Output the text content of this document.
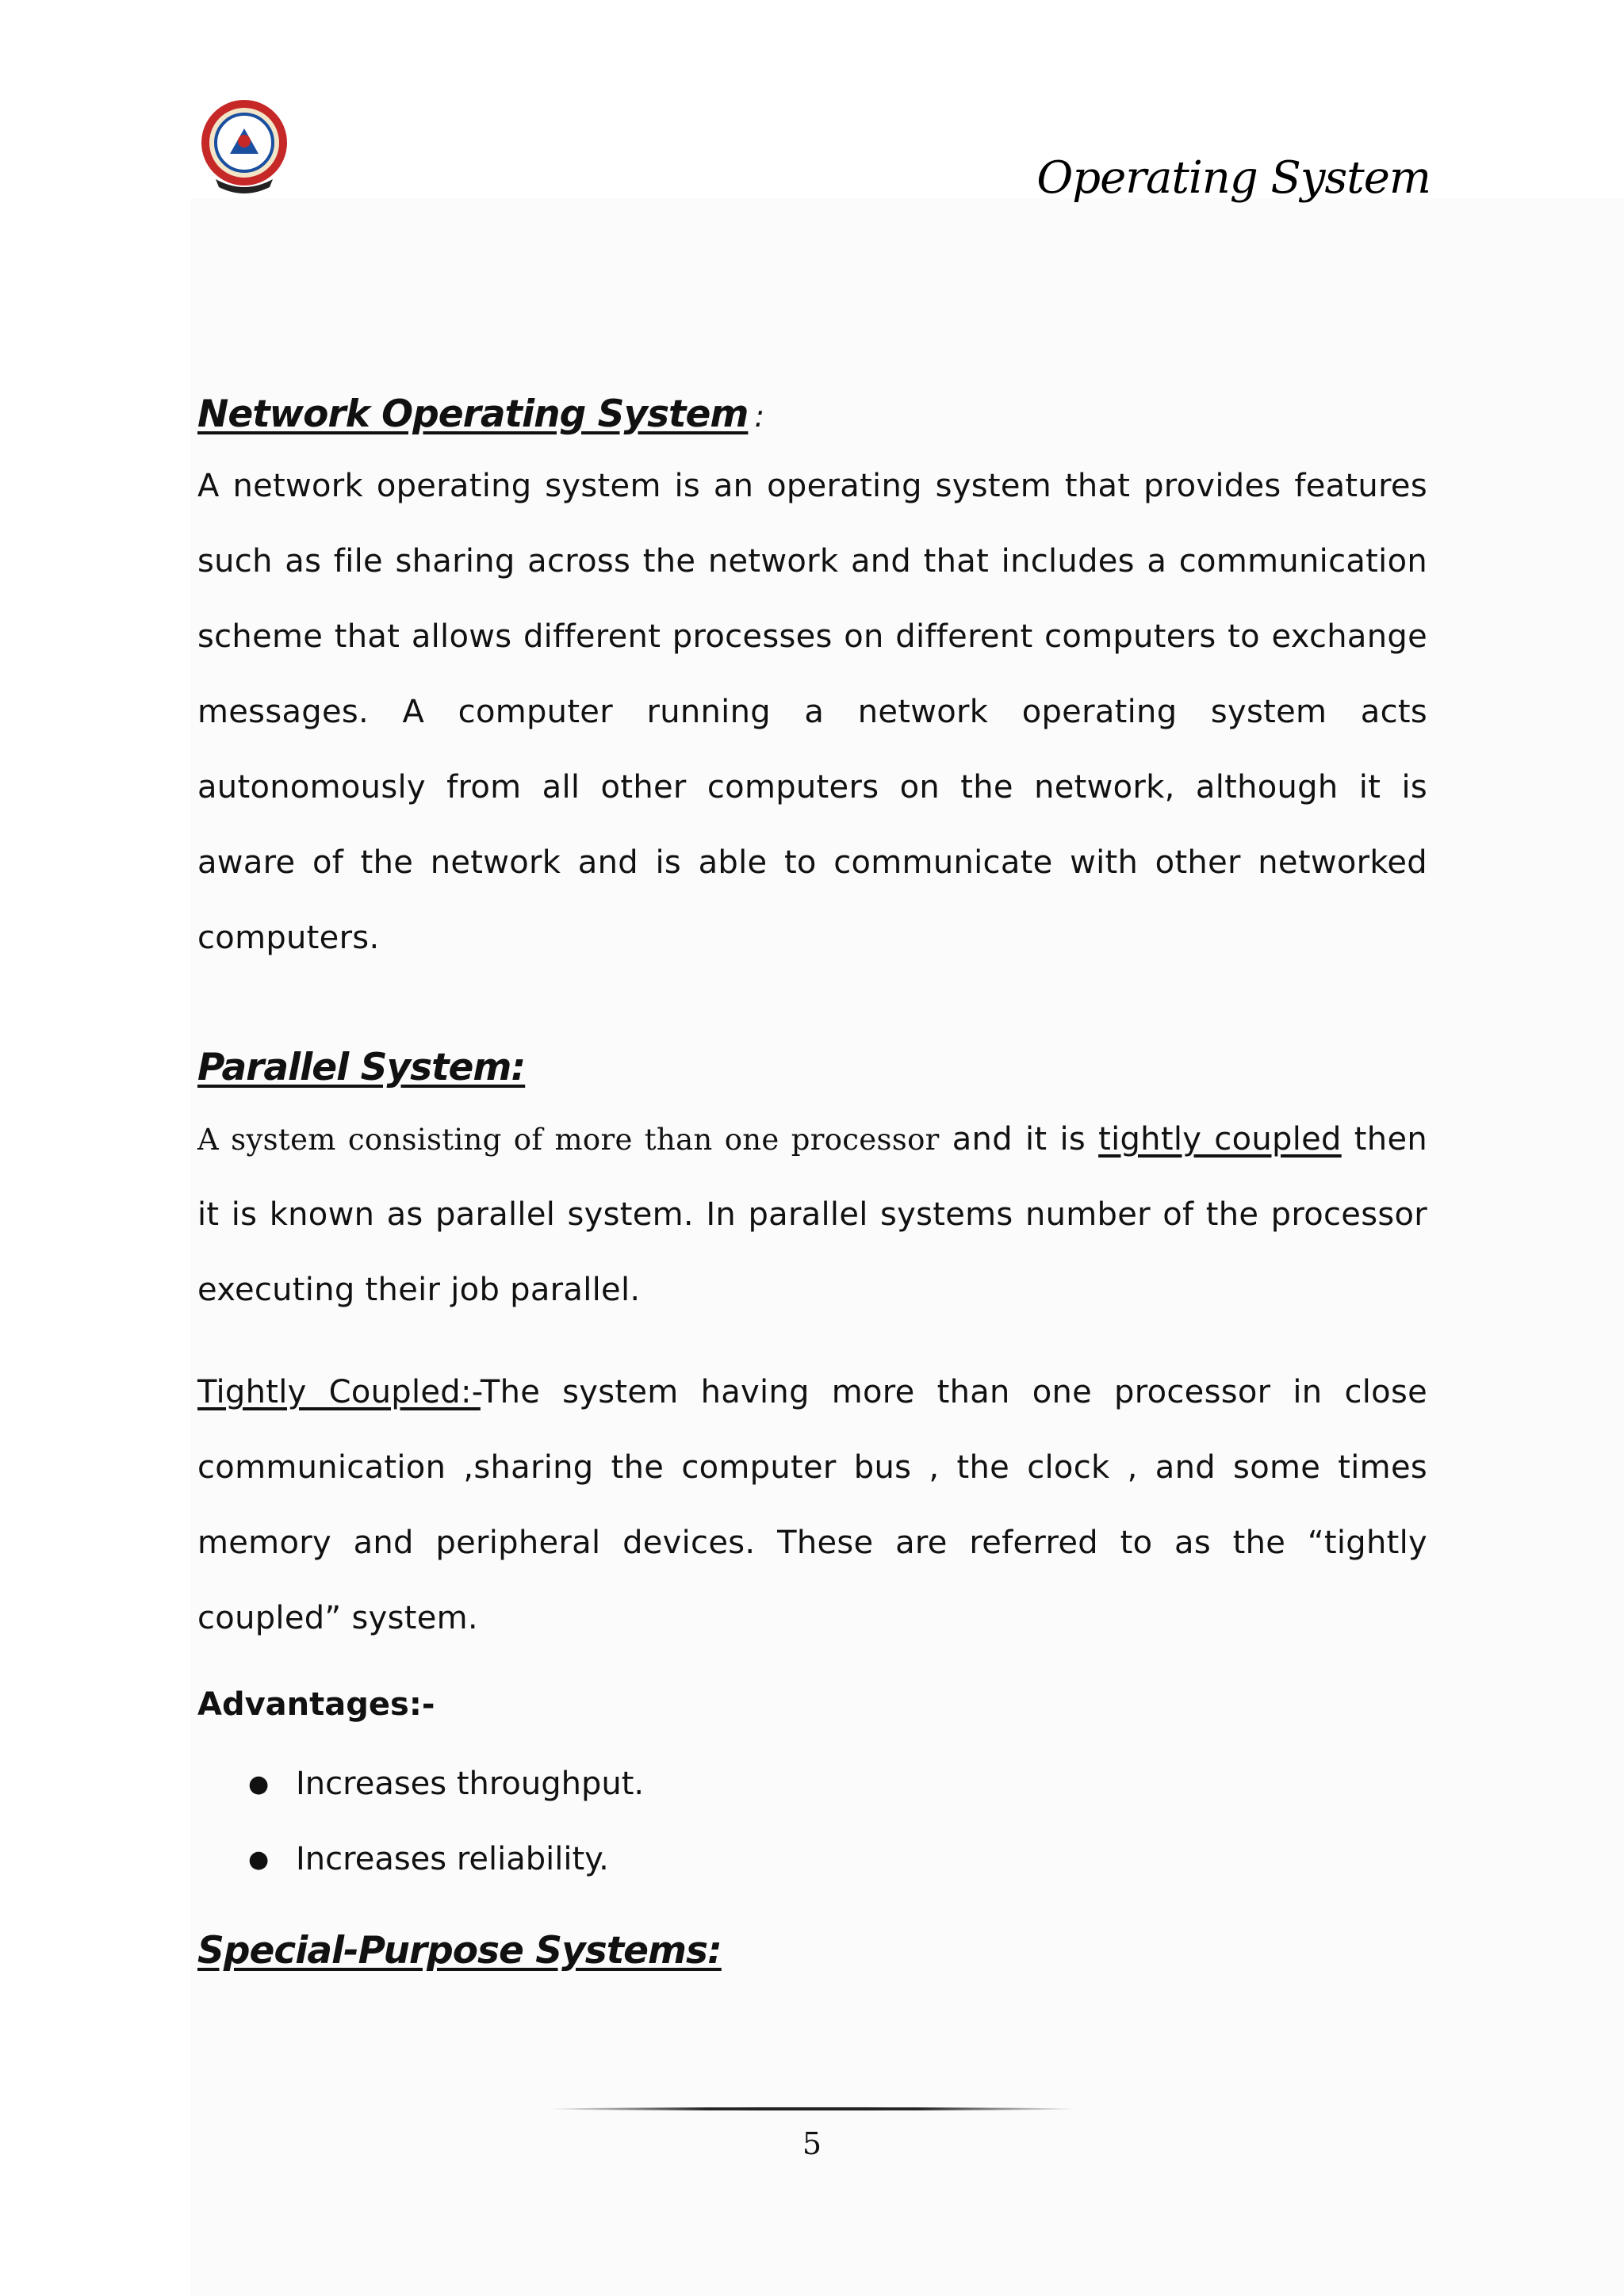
Operating System
Network Operating System :

A network operating system is an operating system that provides features such as file sharing across the network and that includes a communication scheme that allows different processes on different computers to exchange messages. A computer running a network operating system acts autonomously from all other computers on the network, although it is aware of the network and is able to communicate with other networked computers.

Parallel System:

A system consisting of more than one processor and it is tightly coupled then it is known as parallel system. In parallel systems number of the processor executing their job parallel.

Tightly Coupled:-The system having more than one processor in close communication ,sharing the computer bus , the clock , and some times memory and peripheral devices. These are referred to as the “tightly coupled” system.

Advantages:-

● Increases throughput.
● Increases reliability.
Special-Purpose Systems:
5
